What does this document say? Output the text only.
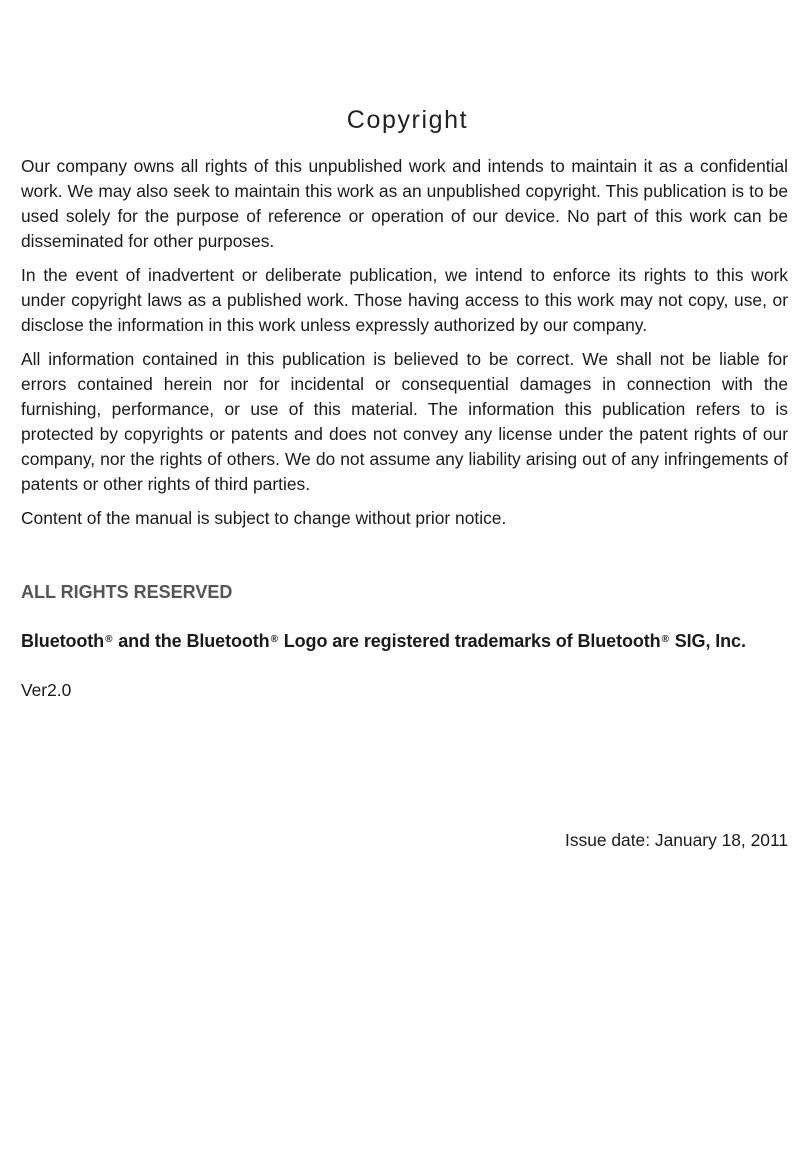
Copyright

Our company owns all rights of this unpublished work and intends to maintain it as a confidential work. We may also seek to maintain this work as an unpublished copyright. This publication is to be used solely for the purpose of reference or operation of our device. No part of this work can be disseminated for other purposes.

In the event of inadvertent or deliberate publication, we intend to enforce its rights to this work under copyright laws as a published work. Those having access to this work may not copy, use, or disclose the information in this work unless expressly authorized by our company.

All information contained in this publication is believed to be correct. We shall not be liable for errors contained herein nor for incidental or consequential damages in connection with the furnishing, performance, or use of this material. The information this publication refers to is protected by copyrights or patents and does not convey any license under the patent rights of our company, nor the rights of others. We do not assume any liability arising out of any infringements of patents or other rights of third parties.

Content of the manual is subject to change without prior notice.

ALL RIGHTS RESERVED
Bluetooth® and the Bluetooth® Logo are registered trademarks of Bluetooth® SIG, Inc.
Ver2.0
Issue date: January 18, 2011
